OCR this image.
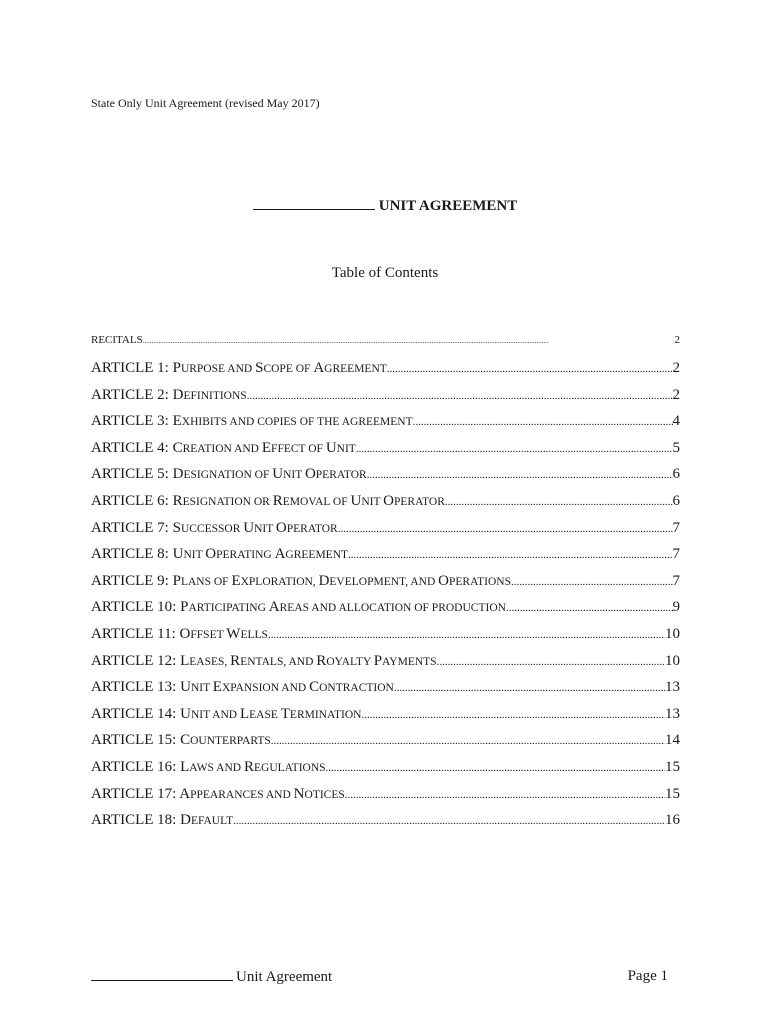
State Only Unit Agreement (revised May 2017)
UNIT AGREEMENT
Table of Contents
RECITALS .....	2
ARTICLE 1: PURPOSE AND SCOPE OF AGREEMENT .....	2
ARTICLE 2: DEFINITIONS .....	2
ARTICLE 3: EXHIBITS AND COPIES OF THE AGREEMENT .....	4
ARTICLE 4: CREATION AND EFFECT OF UNIT .....	5
ARTICLE 5: DESIGNATION OF UNIT OPERATOR .....	6
ARTICLE 6: RESIGNATION OR REMOVAL OF UNIT OPERATOR .....	6
ARTICLE 7: SUCCESSOR UNIT OPERATOR .....	7
ARTICLE 8: UNIT OPERATING AGREEMENT .....	7
ARTICLE 9: PLANS OF EXPLORATION, DEVELOPMENT, AND OPERATIONS .....	7
ARTICLE 10: PARTICIPATING AREAS AND ALLOCATION OF PRODUCTION .....	9
ARTICLE 11: OFFSET WELLS .....	10
ARTICLE 12: LEASES, RENTALS, AND ROYALTY PAYMENTS .....	10
ARTICLE 13: UNIT EXPANSION AND CONTRACTION .....	13
ARTICLE 14: UNIT AND LEASE TERMINATION .....	13
ARTICLE 15: COUNTERPARTS .....	14
ARTICLE 16: LAWS AND REGULATIONS .....	15
ARTICLE 17: APPEARANCES AND NOTICES .....	15
ARTICLE 18: DEFAULT .....	16
Unit Agreement	Page 1
